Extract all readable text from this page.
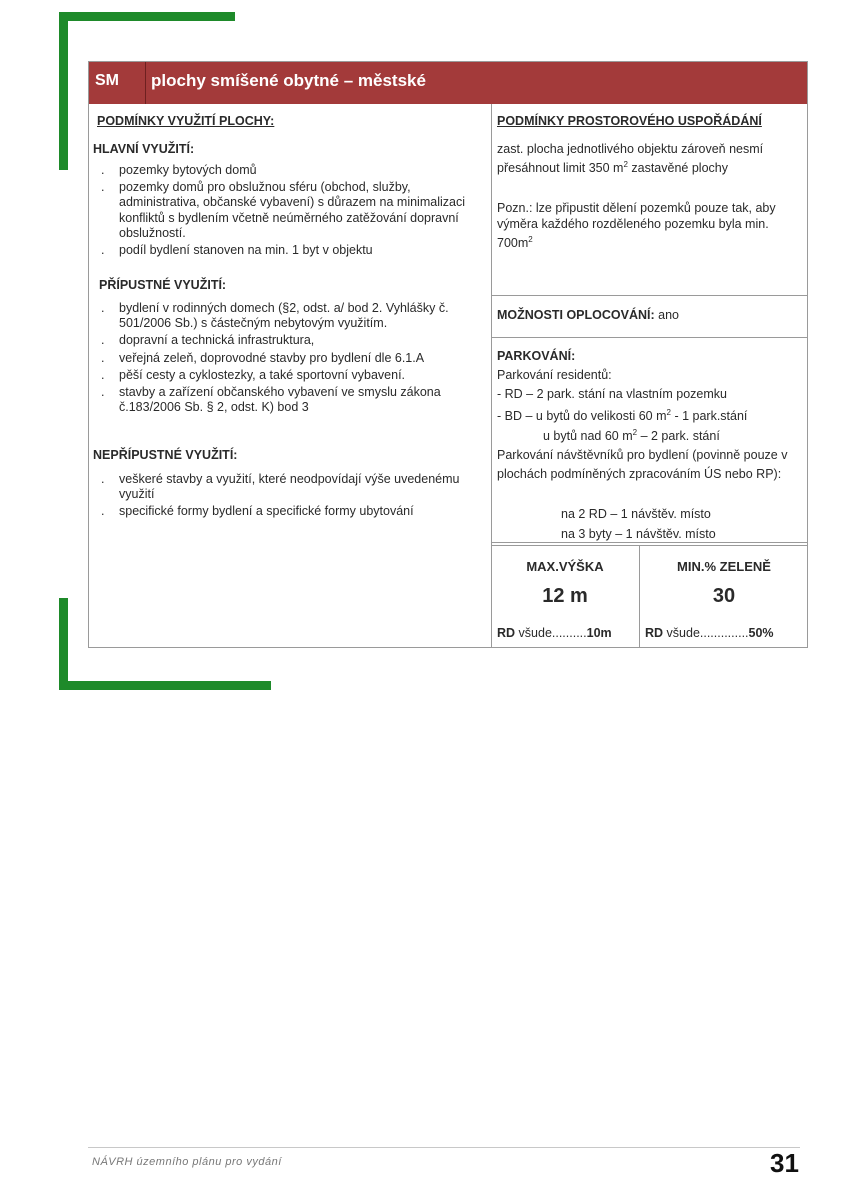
SM plochy smíšené obytné – městské
PODMÍNKY VYUŽITÍ PLOCHY:
HLAVNÍ VYUŽITÍ:
. pozemky bytových domů
. pozemky domů pro obslužnou sféru (obchod, služby, administrativa, občanské vybavení) s důrazem na minimalizaci konfliktů s bydlením včetně neúměrného zatěžování dopravní obslužností.
. podíl bydlení stanoven na min. 1 byt v objektu
PŘÍPUSTNÉ VYUŽITÍ:
. bydlení v rodinných domech (§2, odst. a/ bod 2. Vyhlášky č. 501/2006 Sb.) s částečným nebytovým využitím.
. dopravní a technická infrastruktura,
. veřejná zeleň, doprovodné stavby pro bydlení dle 6.1.A
. pěší cesty a cyklostezky, a také sportovní vybavení.
. stavby a zařízení občanského vybavení ve smyslu zákona č.183/2006 Sb. § 2, odst. K) bod 3
NEPŘÍPUSTNÉ VYUŽITÍ:
. veškeré stavby a využití, které neodpovídají výše uvedenému využití
. specifické formy bydlení a specifické formy ubytování
PODMÍNKY PROSTOROVÉHO USPOŘÁDÁNÍ
zast. plocha jednotlivého objektu zároveň nesmí přesáhnout limit 350 $m^2$ zastavěné plochy
Pozn.: lze připustit dělení pozemků pouze tak, aby výměra každého rozděleného pozemku byla min. $700m^2$
MOŽNOSTI OPLOCOVÁNÍ: ano
PARKOVÁNÍ:
Parkování residentů:
- RD – 2 park. stání na vlastním pozemku
- BD – u bytů do velikosti 60 $m^2 - 1$ park.stání
u bytů nad 60 $m^2 - 2$ park. stání
Parkování návštěvníků pro bydlení (povinně pouze v plochách podmíněných zpracováním ÚS nebo RP):
na 2 RD – 1 návštěv. místo
na 3 byty – 1 návštěv. místo
MAX.VÝŠKA
12 m
RD všude..........10m
MIN.% ZELENĚ
30
RD všude..............50%
NÁVRH územního plánu pro vydání	31
